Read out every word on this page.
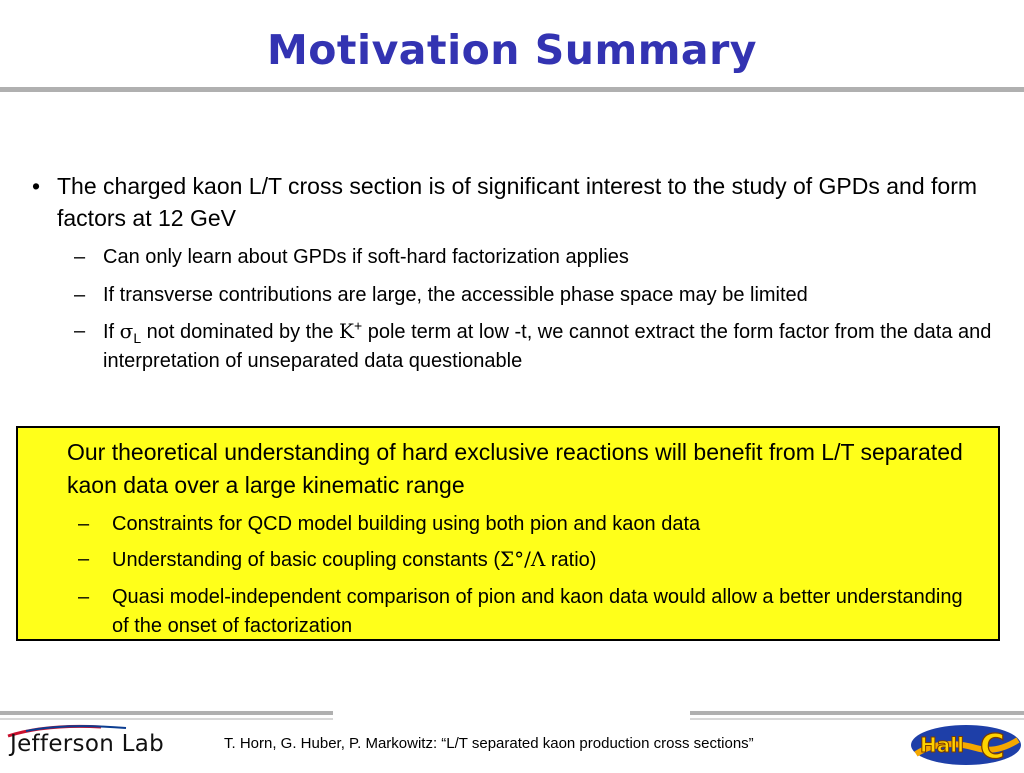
Motivation Summary
• The charged kaon L/T cross section is of significant interest to the study of GPDs and form factors at 12 GeV
– Can only learn about GPDs if soft-hard factorization applies
– If transverse contributions are large, the accessible phase space may be limited
– If $\sigma_L$ not dominated by the K+ pole term at low -t, we cannot extract the form factor from the data and interpretation of unseparated data questionable
Our theoretical understanding of hard exclusive reactions will benefit from L/T separated kaon data over a large kinematic range
– Constraints for QCD model building using both pion and kaon data
– Understanding of basic coupling constants (Σ°/Λ ratio)
– Quasi model-independent comparison of pion and kaon data would allow a better understanding of the onset of factorization
Jefferson Lab	T. Horn, G. Huber, P. Markowitz: “L/T separated kaon production cross sections”	Hall C
